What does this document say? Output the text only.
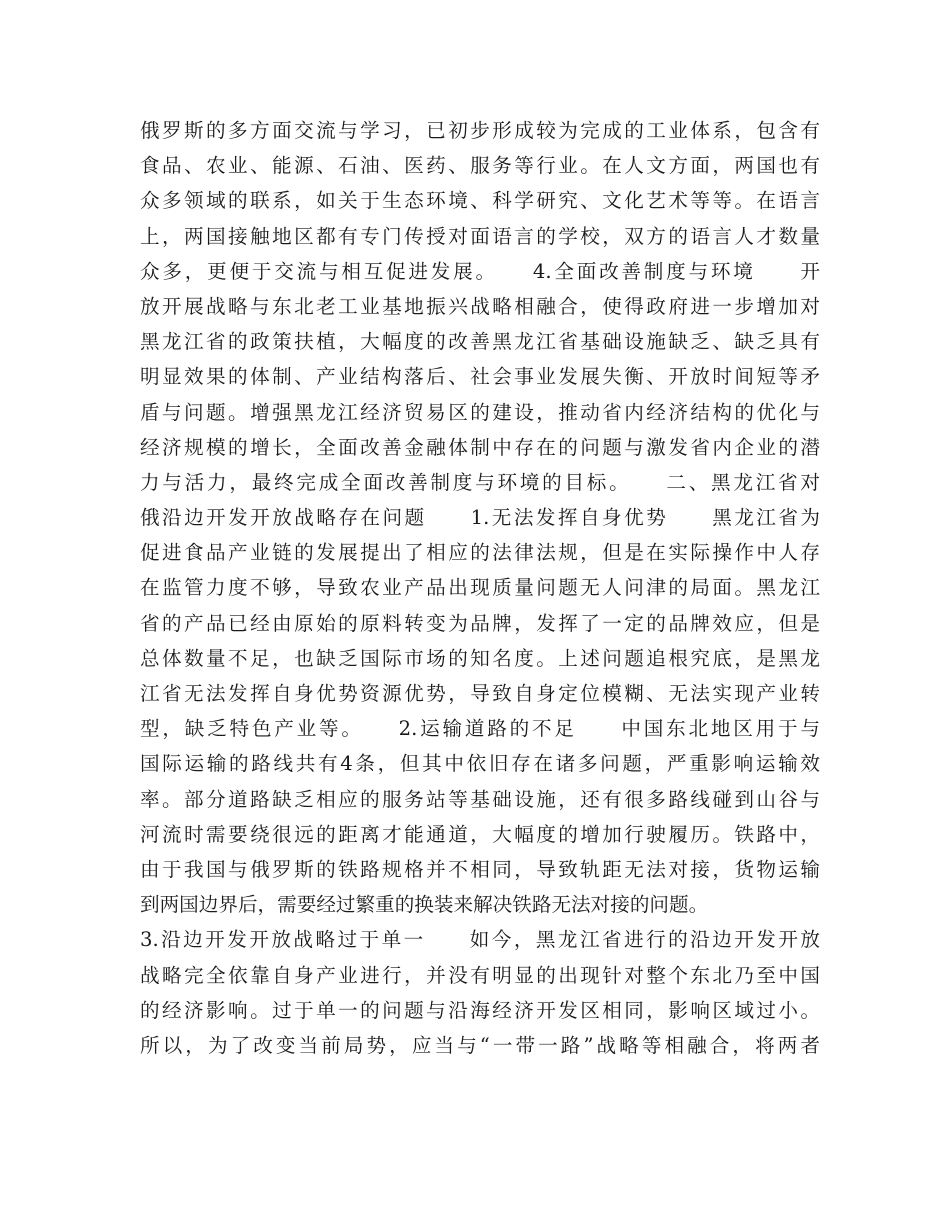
俄罗斯的多方面交流与学习，已初步形成较为完成的工业体系，包含有
食品、农业、能源、石油、医药、服务等行业。在人文方面，两国也有
众多领域的联系，如关于生态环境、科学研究、文化艺术等等。在语言
上，两国接触地区都有专门传授对面语言的学校，双方的语言人才数量
众多，更便于交流与相互促进发展。　　4.全面改善制度与环境　　开
放开展战略与东北老工业基地振兴战略相融合，使得政府进一步增加对
黑龙江省的政策扶植，大幅度的改善黑龙江省基础设施缺乏、缺乏具有
明显效果的体制、产业结构落后、社会事业发展失衡、开放时间短等矛
盾与问题。增强黑龙江经济贸易区的建设，推动省内经济结构的优化与
经济规模的增长，全面改善金融体制中存在的问题与激发省内企业的潜
力与活力，最终完成全面改善制度与环境的目标。　　二、黑龙江省对
俄沿边开发开放战略存在问题　　1.无法发挥自身优势　　黑龙江省为
促进食品产业链的发展提出了相应的法律法规，但是在实际操作中人存
在监管力度不够，导致农业产品出现质量问题无人问津的局面。黑龙江
省的产品已经由原始的原料转变为品牌，发挥了一定的品牌效应，但是
总体数量不足，也缺乏国际市场的知名度。上述问题追根究底，是黑龙
江省无法发挥自身优势资源优势，导致自身定位模糊、无法实现产业转
型，缺乏特色产业等。　　2.运输道路的不足　　中国东北地区用于与
国际运输的路线共有4条，但其中依旧存在诸多问题，严重影响运输效
率。部分道路缺乏相应的服务站等基础设施，还有很多路线碰到山谷与
河流时需要绕很远的距离才能通道，大幅度的增加行驶履历。铁路中，
由于我国与俄罗斯的铁路规格并不相同，导致轨距无法对接，货物运输
到两国边界后，需要经过繁重的换装来解决铁路无法对接的问题。
3.沿边开发开放战略过于单一　　如今，黑龙江省进行的沿边开发开放
战略完全依靠自身产业进行，并没有明显的出现针对整个东北乃至中国
的经济影响。过于单一的问题与沿海经济开发区相同，影响区域过小。
所以，为了改变当前局势，应当与“一带一路”战略等相融合，将两者
